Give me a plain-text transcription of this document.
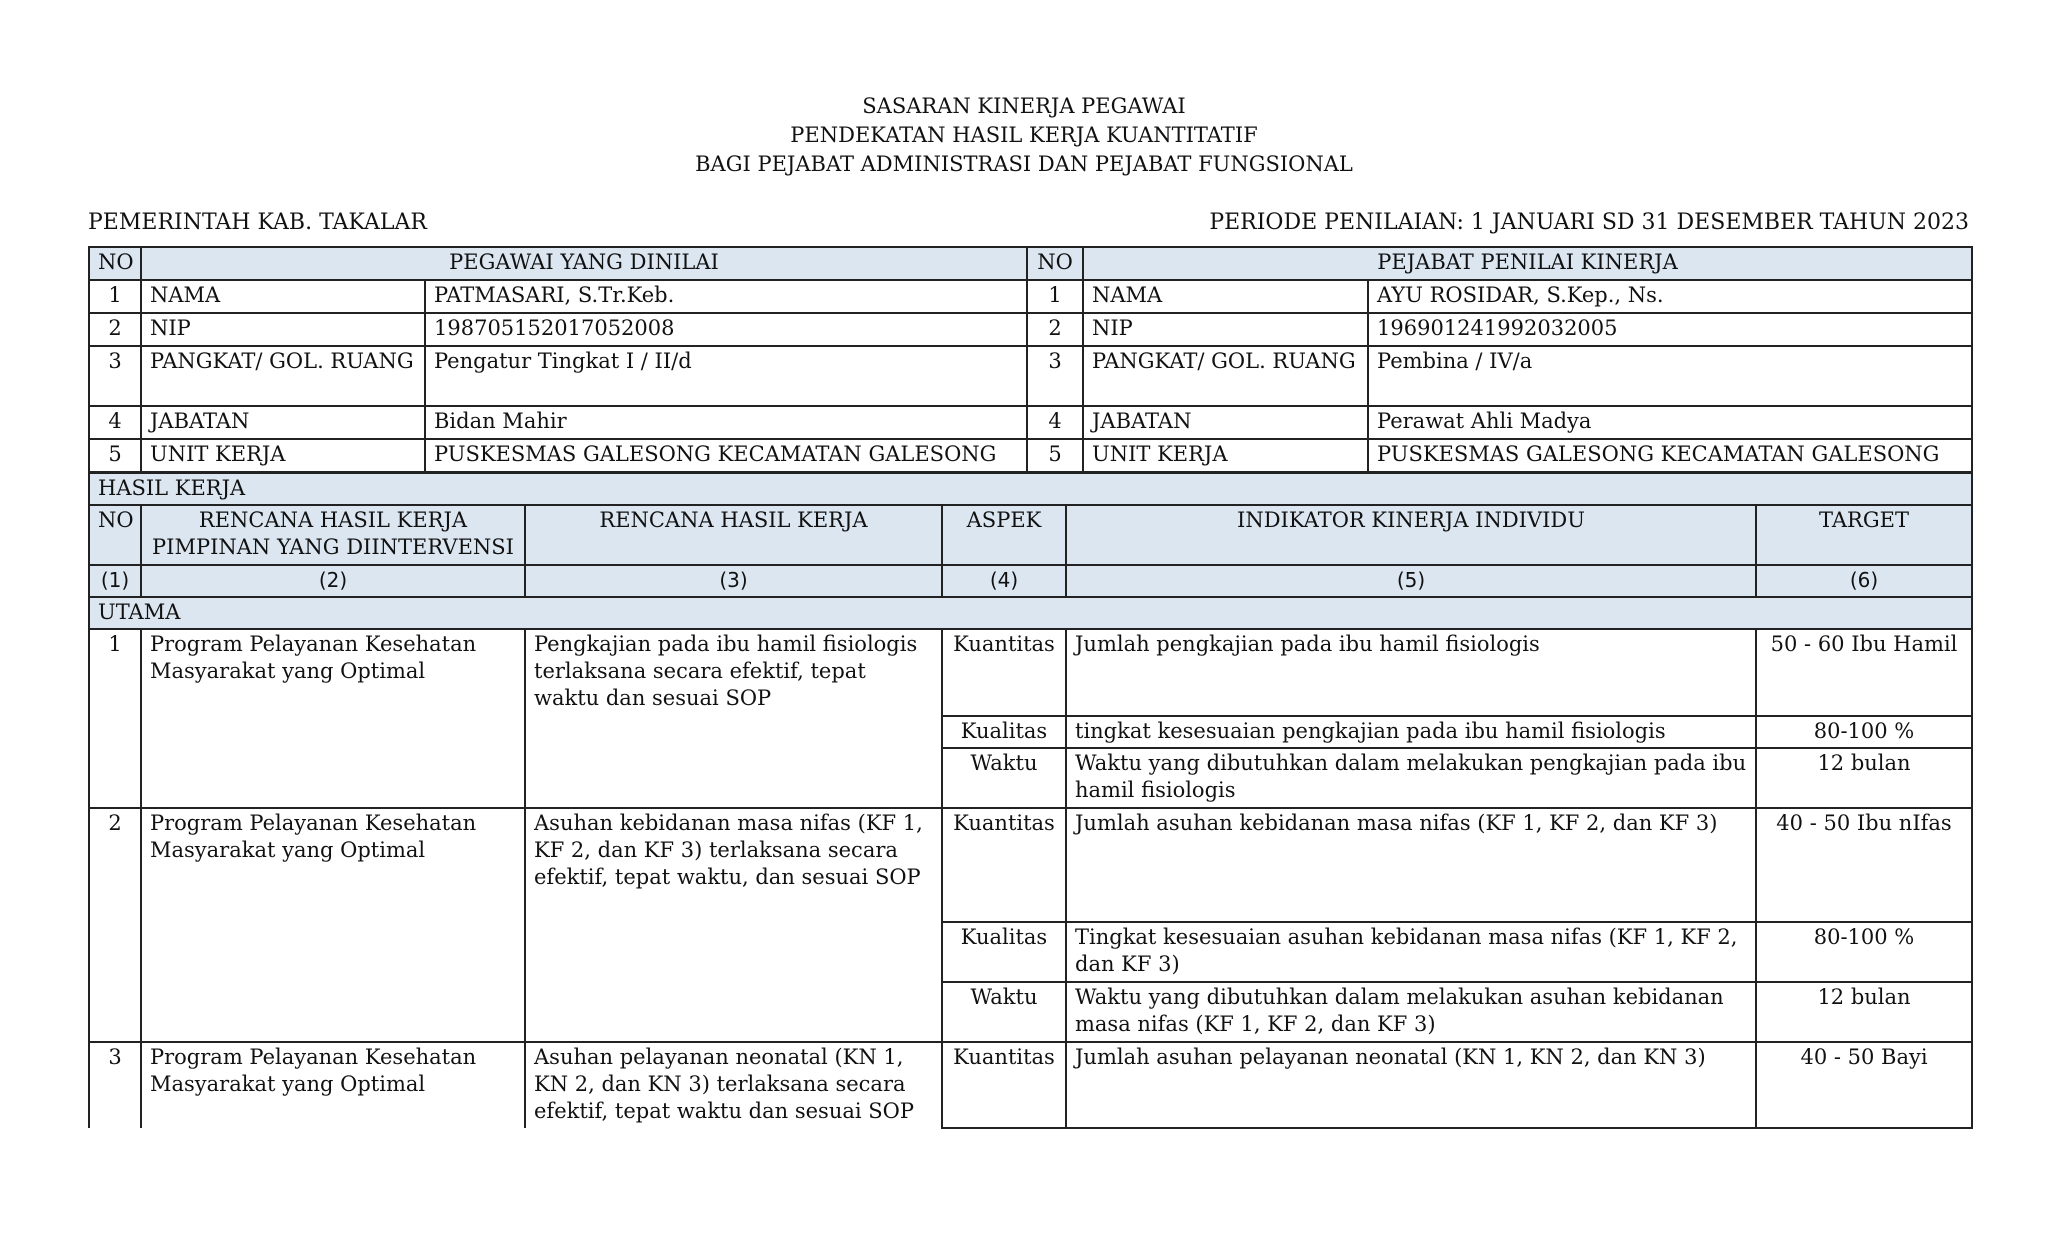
SASARAN KINERJA PEGAWAI
PENDEKATAN HASIL KERJA KUANTITATIF
BAGI PEJABAT ADMINISTRASI DAN PEJABAT FUNGSIONAL
PEMERINTAH KAB. TAKALAR	PERIODE PENILAIAN: 1 JANUARI SD 31 DESEMBER TAHUN 2023
NO	PEGAWAI YANG DINILAI		NO	PEJABAT PENILAI KINERJA	
1	NAMA	PATMASARI, S.Tr.Keb.	1	NAMA	AYU ROSIDAR, S.Kep., Ns.
2	NIP	198705152017052008	2	NIP	196901241992032005
3	PANGKAT/ GOL. RUANG	Pengatur Tingkat I / II/d	3	PANGKAT/ GOL. RUANG	Pembina / IV/a
4	JABATAN	Bidan Mahir	4	JABATAN	Perawat Ahli Madya
5	UNIT KERJA	PUSKESMAS GALESONG KECAMATAN GALESONG	5	UNIT KERJA	PUSKESMAS GALESONG KECAMATAN GALESONG
HASIL KERJA					
NO	RENCANA HASIL KERJA PIMPINAN YANG DIINTERVENSI	RENCANA HASIL KERJA	ASPEK	INDIKATOR KINERJA INDIVIDU	TARGET
(1)	(2)	(3)	(4)	(5)	(6)
UTAMA					
1	Program Pelayanan Kesehatan Masyarakat yang Optimal	Pengkajian pada ibu hamil fisiologis terlaksana secara efektif, tepat waktu dan sesuai SOP	Kuantitas	Jumlah pengkajian pada ibu hamil fisiologis	50 - 60 Ibu Hamil
			Kualitas	tingkat kesesuaian pengkajian pada ibu hamil fisiologis	80-100 %
			Waktu	Waktu yang dibutuhkan dalam melakukan pengkajian pada ibu hamil fisiologis	12 bulan
2	Program Pelayanan Kesehatan Masyarakat yang Optimal	Asuhan kebidanan masa nifas (KF 1, KF 2, dan KF 3) terlaksana secara efektif, tepat waktu, dan sesuai SOP	Kuantitas	Jumlah asuhan kebidanan masa nifas (KF 1, KF 2, dan KF 3)	40 - 50 Ibu nIfas
			Kualitas	Tingkat kesesuaian asuhan kebidanan masa nifas (KF 1, KF 2, dan KF 3)	80-100 %
			Waktu	Waktu yang dibutuhkan dalam melakukan asuhan kebidanan masa nifas (KF 1, KF 2, dan KF 3)	12 bulan
3	Program Pelayanan Kesehatan Masyarakat yang Optimal	Asuhan pelayanan neonatal (KN 1, KN 2, dan KN 3) terlaksana secara efektif, tepat waktu dan sesuai SOP	Kuantitas	Jumlah asuhan pelayanan neonatal (KN 1, KN 2, dan KN 3)	40 - 50 Bayi
